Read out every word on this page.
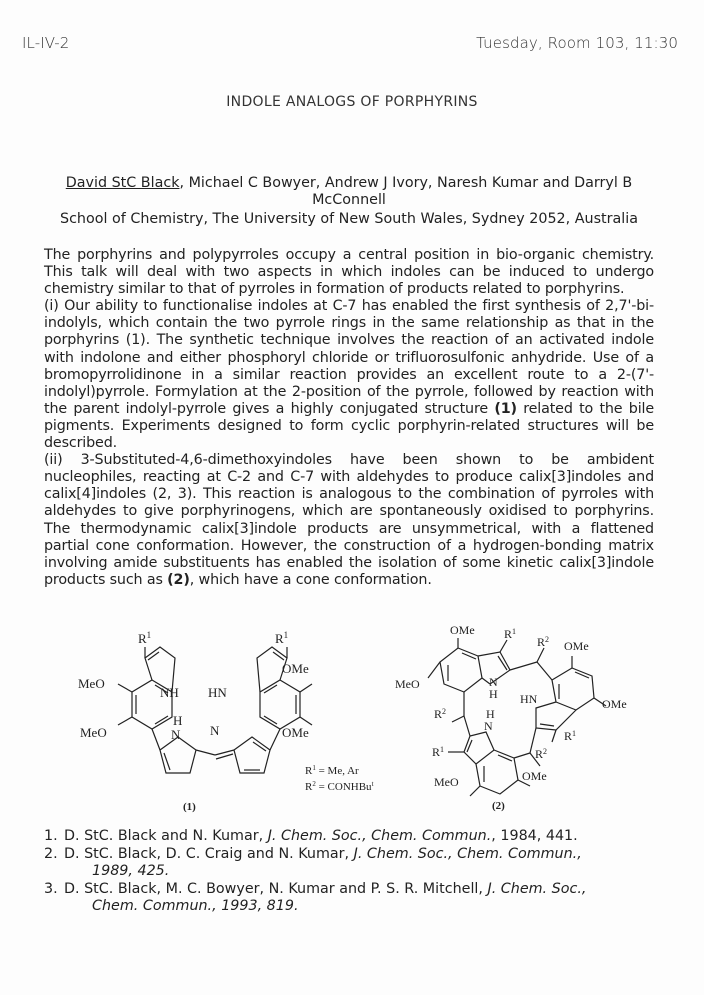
IL-IV-2	Tuesday, Room 103, 11:30
INDOLE ANALOGS OF PORPHYRINS
David StC Black, Michael C Bowyer, Andrew J Ivory, Naresh Kumar and Darryl B McConnell
School of Chemistry, The University of New South Wales, Sydney 2052, Australia

The porphyrins and polypyrroles occupy a central position in bio-organic chemistry. This talk will deal with two aspects in which indoles can be induced to undergo chemistry similar to that of pyrroles in formation of products related to porphyrins.

(i) Our ability to functionalise indoles at C-7 has enabled the first synthesis of 2,7'-bi-indolyls, which contain the two pyrrole rings in the same relationship as that in the porphyrins (1). The synthetic technique involves the reaction of an activated indole with indolone and either phosphoryl chloride or trifluorosulfonic anhydride. Use of a bromopyrrolidinone in a similar reaction provides an excellent route to a 2-(7'-indolyl)pyrrole. Formylation at the 2-position of the pyrrole, followed by reaction with the parent indolyl-pyrrole gives a highly conjugated structure (1) related to the bile pigments. Experiments designed to form cyclic porphyrin-related structures will be described.

(ii) 3-Substituted-4,6-dimethoxyindoles have been shown to be ambident nucleophiles, reacting at C-2 and C-7 with aldehydes to produce calix[3]indoles and calix[4]indoles (2, 3). This reaction is analogous to the combination of pyrroles with aldehydes to give porphyrinogens, which are spontaneously oxidised to porphyrins. The thermodynamic calix[3]indole products are unsymmetrical, with a flattened partial cone conformation. However, the construction of a hydrogen-bonding matrix involving amide substituents has enabled the isolation of some kinetic calix[3]indole products such as (2), which have a cone conformation.

$R^1$	$R^1$
MeO
MeO
NH HN
OMe
OMe
H
N N
(1)
$R^1 = Me$, Ar
$R^2$ = CONHBu$^t$
OMe $R^1$
$R^2$ OMe
MeO	N
H HN	OMe
$R^2$	H
N
$R^1$
$R^1$	$R^2$
OMe
MeO
(2)
1. D. StC. Black and N. Kumar, J. Chem. Soc., Chem. Commun., 1984, 441.
2. D. StC. Black, D. C. Craig and N. Kumar, J. Chem. Soc., Chem. Commun.,
1989, 425.
3. D. StC. Black, M. C. Bowyer, N. Kumar and P. S. R. Mitchell, J. Chem. Soc.,
Chem. Commun., 1993, 819.
